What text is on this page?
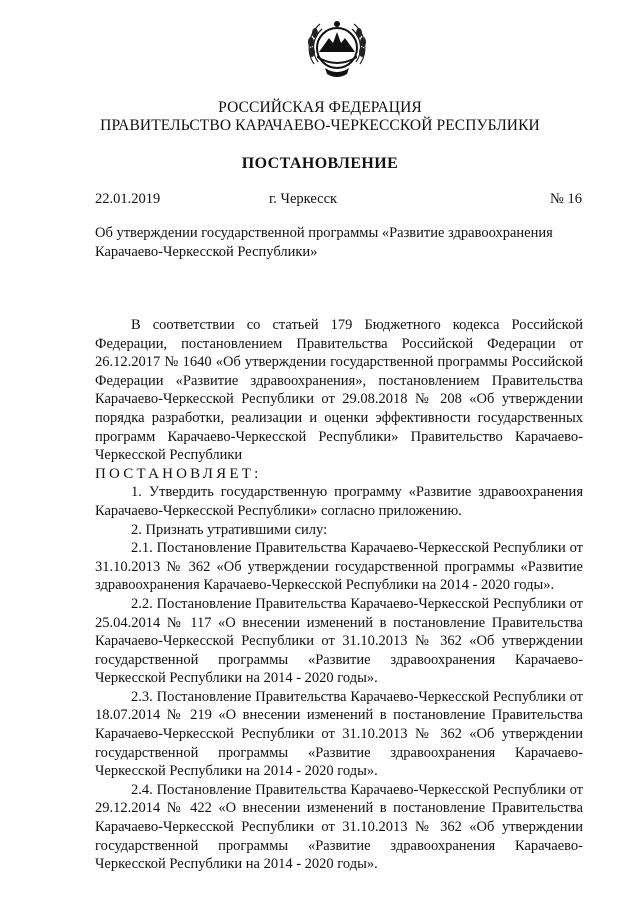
РОССИЙСКАЯ ФЕДЕРАЦИЯ
ПРАВИТЕЛЬСТВО КАРАЧАЕВО-ЧЕРКЕССКОЙ РЕСПУБЛИКИ
ПОСТАНОВЛЕНИЕ
22.01.2019	г. Черкесск	№ 16
Об утверждении государственной программы «Развитие здравоохранения Карачаево-Черкесской Республики»

В соответствии со статьей 179 Бюджетного кодекса Российской Федерации, постановлением Правительства Российской Федерации от 26.12.2017 № 1640 «Об утверждении государственной программы Российской Федерации «Развитие здравоохранения», постановлением Правительства Карачаево-Черкесской Республики от 29.08.2018 № 208 «Об утверждении порядка разработки, реализации и оценки эффективности государственных программ Карачаево-Черкесской Республики» Правительство Карачаево-Черкесской Республики

ПОСТАНОВЛЯЕТ:

1. Утвердить государственную программу «Развитие здравоохранения Карачаево-Черкесской Республики» согласно приложению.

2. Признать утратившими силу:

2.1. Постановление Правительства Карачаево-Черкесской Республики от 31.10.2013 № 362 «Об утверждении государственной программы «Развитие здравоохранения Карачаево-Черкесской Республики на 2014 - 2020 годы».

2.2. Постановление Правительства Карачаево-Черкесской Республики от 25.04.2014 № 117 «О внесении изменений в постановление Правительства Карачаево-Черкесской Республики от 31.10.2013 № 362 «Об утверждении государственной программы «Развитие здравоохранения Карачаево-Черкесской Республики на 2014 - 2020 годы».

2.3. Постановление Правительства Карачаево-Черкесской Республики от 18.07.2014 № 219 «О внесении изменений в постановление Правительства Карачаево-Черкесской Республики от 31.10.2013 № 362 «Об утверждении государственной программы «Развитие здравоохранения Карачаево-Черкесской Республики на 2014 - 2020 годы».

2.4. Постановление Правительства Карачаево-Черкесской Республики от 29.12.2014 № 422 «О внесении изменений в постановление Правительства Карачаево-Черкесской Республики от 31.10.2013 № 362 «Об утверждении государственной программы «Развитие здравоохранения Карачаево-Черкесской Республики на 2014 - 2020 годы».
